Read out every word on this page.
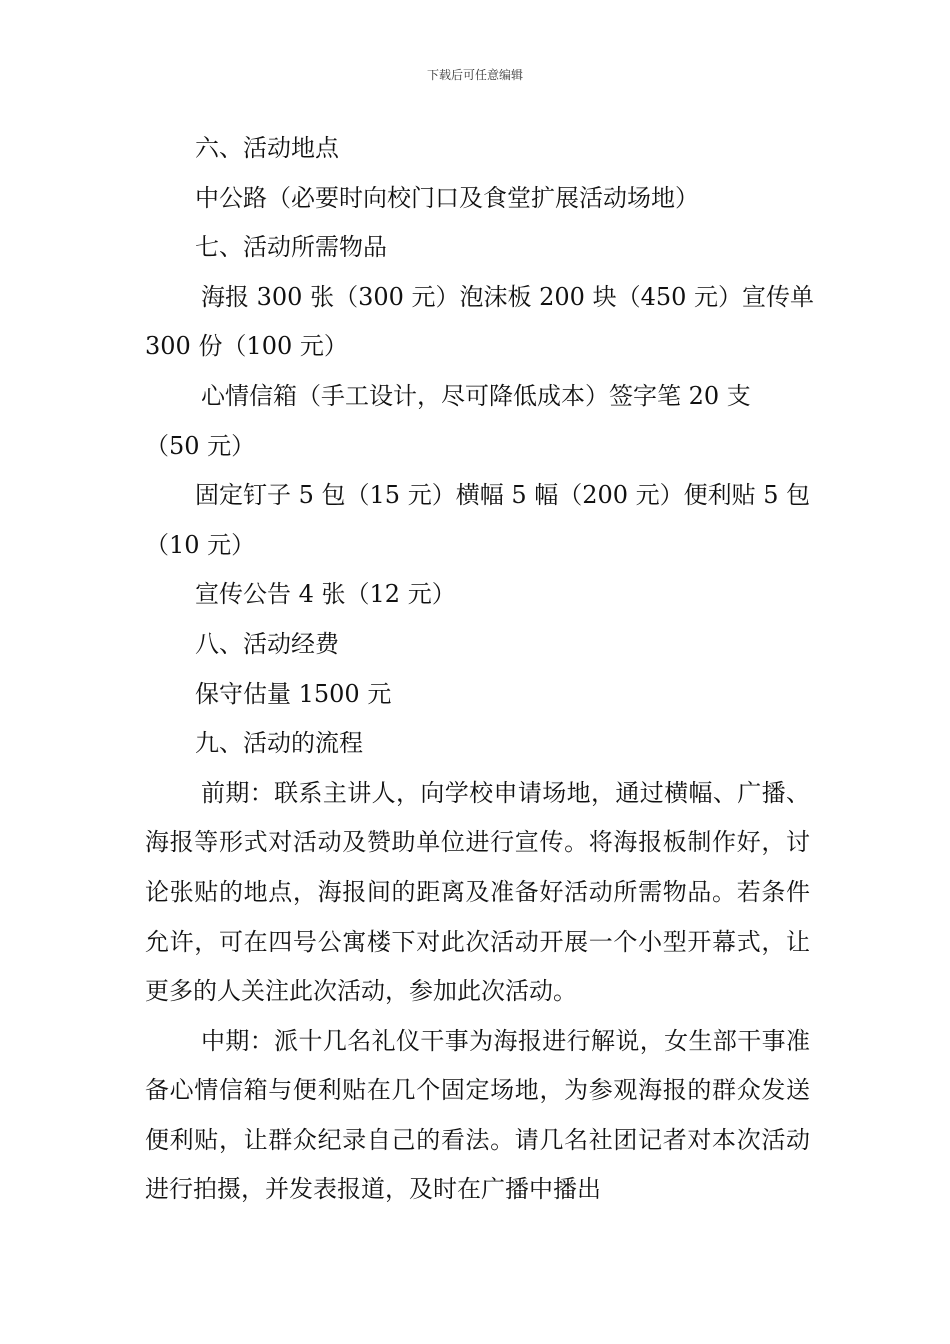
下载后可任意编辑
六、活动地点
中公路（必要时向校门口及食堂扩展活动场地）
七、活动所需物品
海报 300 张（300 元）泡沫板 200 块（450 元）宣传单
300 份（100 元）
心情信箱（手工设计，尽可降低成本）签字笔 20 支
（50 元）
固定钉子 5 包（15 元）横幅 5 幅（200 元）便利贴 5 包
（10 元）
宣传公告 4 张（12 元）
八、活动经费
保守估量 1500 元
九、活动的流程

前期：联系主讲人，向学校申请场地，通过横幅、广播、海报等形式对活动及赞助单位进行宣传。将海报板制作好，讨论张贴的地点，海报间的距离及准备好活动所需物品。若条件允许，可在四号公寓楼下对此次活动开展一个小型开幕式，让更多的人关注此次活动，参加此次活动。

中期：派十几名礼仪干事为海报进行解说，女生部干事准备心情信箱与便利贴在几个固定场地，为参观海报的群众发送便利贴，让群众纪录自己的看法。请几名社团记者对本次活动进行拍摄，并发表报道，及时在广播中播出
